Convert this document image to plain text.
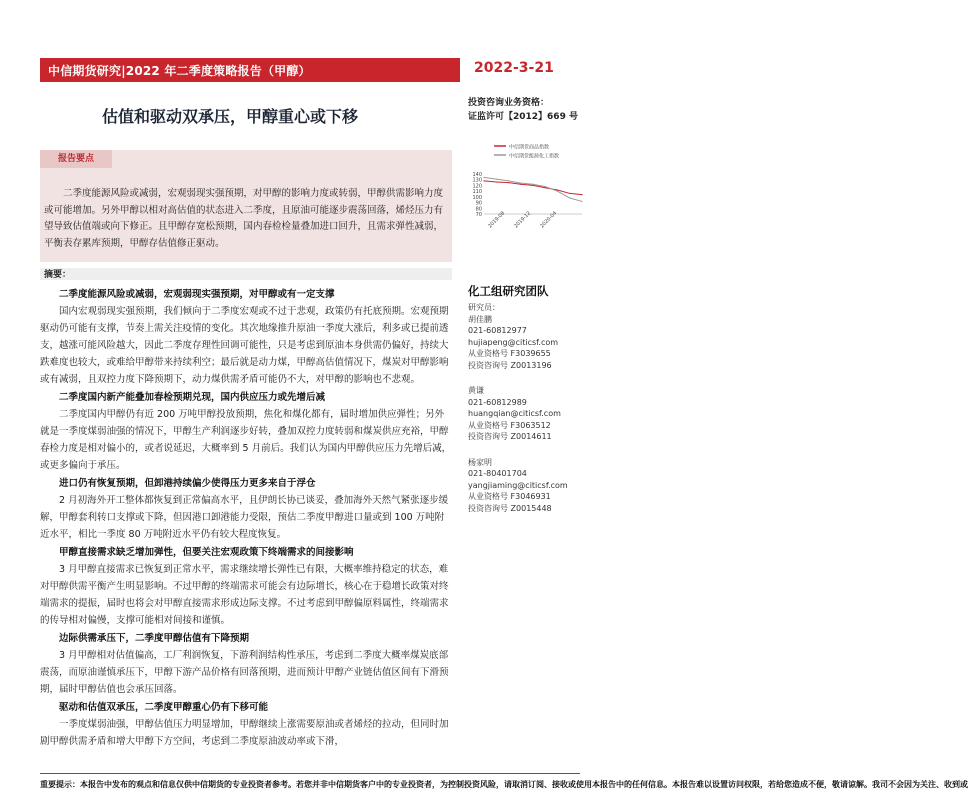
中信期货研究|2022 年二季度策略报告（甲醇）	2022-3-21
估值和驱动双承压，甲醇重心或下移
投资咨询业务资格：
证监许可【2012】669 号
中信期货商品指数
中信期货能源化工指数
70
80
90
100
110
120
130
140
2019-08 2019-12 2020-04
报告要点
二季度能源风险或减弱，宏观弱现实强预期，对甲醇的影响力度或转弱，甲醇供需影响力度或可能增加。另外甲醇以相对高估值的状态进入二季度，且原油可能逐步震荡回落，烯烃压力有望导致估值端或向下修正。且甲醇存宽松预期，国内春检检量叠加进口回升，且需求弹性减弱，平衡表存累库预期，甲醇存估值修正驱动。
摘要：
二季度能源风险或减弱，宏观弱现实强预期，对甲醇或有一定支撑
国内宏观弱现实强预期，我们倾向于二季度宏观或不过于悲观，政策仍有托底预期。宏观预期驱动仍可能有支撑，节奏上需关注疫情的变化。其次地缘推升原油一季度大涨后，利多或已提前透支，越涨可能风险越大，因此二季度存理性回调可能性，只是考虑到原油本身供需仍偏好，持续大跌难度也较大，或难给甲醇带来持续利空；最后就是动力煤，甲醇高估值情况下，煤炭对甲醇影响或有减弱，且双控力度下降预期下，动力煤供需矛盾可能仍不大，对甲醇的影响也不悲观。
二季度国内新产能叠加春检预期兑现，国内供应压力或先增后减
二季度国内甲醇仍有近 200 万吨甲醇投放预期，焦化和煤化都有，届时增加供应弹性；另外就是一季度煤弱油强的情况下，甲醇生产利润逐步好转，叠加双控力度转弱和煤炭供应充裕，甲醇春检力度是相对偏小的，或者说延迟，大概率到 5 月前后。我们认为国内甲醇供应压力先增后减，或更多偏向于承压。
进口仍有恢复预期，但卸港持续偏少使得压力更多来自于浮仓
2 月初海外开工整体都恢复到正常偏高水平，且伊朗长协已谈妥，叠加海外天然气紧张逐步缓解，甲醇套利转口支撑或下降，但因港口卸港能力受限，预估二季度甲醇进口量或到 100 万吨附近水平，相比一季度 80 万吨附近水平仍有较大程度恢复。
甲醇直接需求缺乏增加弹性，但要关注宏观政策下终端需求的间接影响
3 月甲醇直接需求已恢复到正常水平，需求继续增长弹性已有限，大概率维持稳定的状态，难对甲醇供需平衡产生明显影响。不过甲醇的终端需求可能会有边际增长，核心在于稳增长政策对终端需求的提振，届时也将会对甲醇直接需求形成边际支撑。不过考虑到甲醇偏原料属性，终端需求的传导相对偏慢，支撑可能相对间接和谨慎。
边际供需承压下，二季度甲醇估值有下降预期
3 月甲醇相对估值偏高，工厂利润恢复，下游利润结构性承压，考虑到二季度大概率煤炭底部震荡，而原油谨慎承压下，甲醇下游产品价格有回落预期，进而预计甲醇产业链估值区间有下滑预期，届时甲醇估值也会承压回落。
驱动和估值双承压，二季度甲醇重心仍有下移可能
一季度煤弱油强，甲醇估值压力明显增加，甲醇继续上涨需要原油或者烯烃的拉动，但同时加剧甲醇供需矛盾和增大甲醇下方空间，考虑到二季度原油波动率或下滑，
化工组研究团队
研究员：
胡佳鹏
021-60812977
hujiapeng@citicsf.com
从业资格号 F3039655
投资咨询号 Z0013196
黄谦
021-60812989
huangqian@citicsf.com
从业资格号 F3063512
投资咨询号 Z0014611
杨家明
021-80401704
yangjiaming@citicsf.com
从业资格号 F3046931
投资咨询号 Z0015448
重要提示：本报告中发布的观点和信息仅供中信期货的专业投资者参考。若您并非中信期货客户中的专业投资者，为控制投资风险，请取消订阅、接收或使用本报告中的任何信息。本报告难以设置访问权限，若给您造成不便，敬请谅解。我司不会因为关注、收到或
